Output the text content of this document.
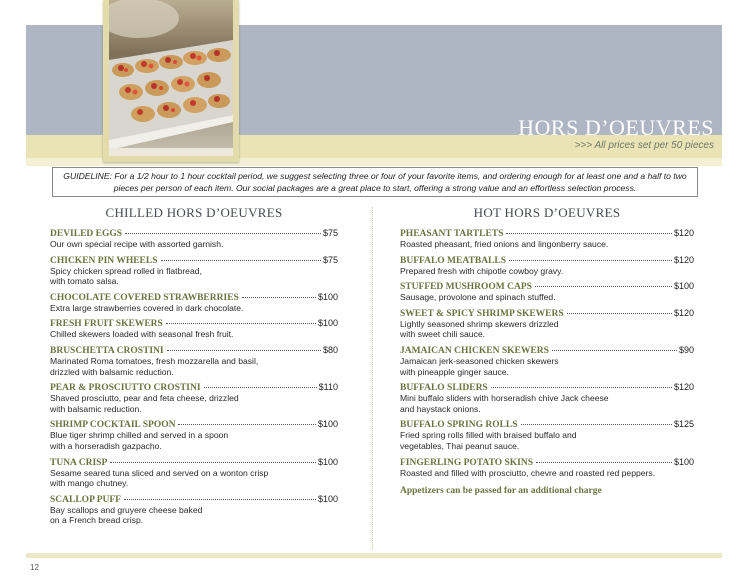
HORS D’OEUVRES
>>> All prices set per 50 pieces
GUIDELINE: For a 1/2 hour to 1 hour cocktail period, we suggest selecting three or four of your favorite items, and ordering enough for at least one and a half to two pieces per person of each item. Our social packages are a great place to start, offering a strong value and an effortless selection process.
CHILLED HORS D’OEUVRES
DEVILED EGGS	$75
Our own special recipe with assorted garnish.
CHICKEN PIN WHEELS	$75
Spicy chicken spread rolled in flatbread,
with tomato salsa.
CHOCOLATE COVERED STRAWBERRIES	$100
Extra large strawberries covered in dark chocolate.
FRESH FRUIT SKEWERS	$100
Chilled skewers loaded with seasonal fresh fruit.
BRUSCHETTA CROSTINI	$80
Marinated Roma tomatoes, fresh mozzarella and basil,
drizzled with balsamic reduction.
PEAR & PROSCIUTTO CROSTINI	$110
Shaved prosciutto, pear and feta cheese, drizzled
with balsamic reduction.
SHRIMP COCKTAIL SPOON	$100
Blue tiger shrimp chilled and served in a spoon
with a horseradish gazpacho.
TUNA CRISP	$100
Sesame seared tuna sliced and served on a wonton crisp
with mango chutney.
SCALLOP PUFF	$100
Bay scallops and gruyere cheese baked
on a French bread crisp.
HOT HORS D’OEUVRES
PHEASANT TARTLETS	$120
Roasted pheasant, fried onions and lingonberry sauce.
BUFFALO MEATBALLS	$120
Prepared fresh with chipotle cowboy gravy.
STUFFED MUSHROOM CAPS	$100
Sausage, provolone and spinach stuffed.
SWEET & SPICY SHRIMP SKEWERS	$120
Lightly seasoned shrimp skewers drizzled
with sweet chili sauce.
JAMAICAN CHICKEN SKEWERS	$90
Jamaican jerk-seasoned chicken skewers
with pineapple ginger sauce.
BUFFALO SLIDERS	$120
Mini buffalo sliders with horseradish chive Jack cheese
and haystack onions.
BUFFALO SPRING ROLLS	$125
Fried spring rolls filled with braised buffalo and
vegetables, Thai peanut sauce.
FINGERLING POTATO SKINS	$100
Roasted and filled with prosciutto, chevre and roasted red peppers.
Appetizers can be passed for an additional charge
12
